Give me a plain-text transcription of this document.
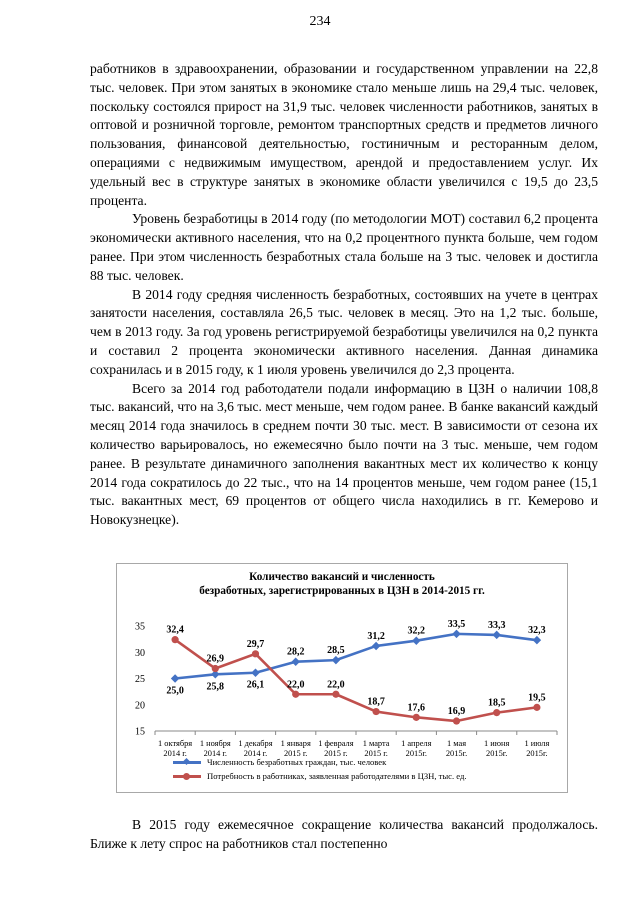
234

работников в здравоохранении, образовании и государственном управлении на 22,8 тыс. человек. При этом занятых в экономике стало меньше лишь на 29,4 тыс. человек, поскольку состоялся прирост на 31,9 тыс. человек численности работников, занятых в оптовой и розничной торговле, ремонтом транспортных средств и предметов личного пользования, финансовой деятельностью, гостиничным и ресторанным делом, операциями с недвижимым имуществом, арендой и предоставлением услуг. Их удельный вес в структуре занятых в экономике области увеличился с 19,5 до 23,5 процента.

Уровень безработицы в 2014 году (по методологии МОТ) составил 6,2 процента экономически активного населения, что на 0,2 процентного пункта больше, чем годом ранее. При этом численность безработных стала больше на 3 тыс. человек и достигла 88 тыс. человек.

В 2014 году средняя численность безработных, состоявших на учете в центрах занятости населения, составляла 26,5 тыс. человек в месяц. Это на 1,2 тыс. больше, чем в 2013 году. За год уровень регистрируемой безработицы увеличился на 0,2 пункта и составил 2 процента экономически активного населения. Данная динамика сохранилась и в 2015 году, к 1 июля уровень увеличился до 2,3 процента.

Всего за 2014 год работодатели подали информацию в ЦЗН о наличии 108,8 тыс. вакансий, что на 3,6 тыс. мест меньше, чем годом ранее. В банке вакансий каждый месяц 2014 года значилось в среднем почти 30 тыс. мест. В зависимости от сезона их количество варьировалось, но ежемесячно было почти на 3 тыс. меньше, чем годом ранее. В результате динамичного заполнения вакантных мест их количество к концу 2014 года сократилось до 22 тыс., что на 14 процентов меньше, чем годом ранее (15,1 тыс. вакантных мест, 69 процентов от общего числа находились в гг. Кемерово и Новокузнецке).

Количество вакансий и численность
безработных, зарегистрированных в ЦЗН в 2014-2015 гг.
15
20
25
30
35
1 октября
2014 г.
1 ноября
2014 г.
1 декабря
2014 г.
1 января
2015 г.
1 февраля
2015 г.
1 марта
2015 г.
1 апреля
2015г.
1 мая
2015г.
1 июня
2015г.
1 июля
2015г.
25,0 25,8 26,1
28,2 28,5
31,2 32,2
33,5 33,3 32,3
32,4
26,9
29,7
22,0 22,0
18,7
17,6 16,9
18,5 19,5
Численность безработных граждан, тыс. человек
Потребность в работниках, заявленная работодателями в ЦЗН, тыс. ед.

В 2015 году ежемесячное сокращение количества вакансий продолжалось. Ближе к лету спрос на работников стал постепенно
